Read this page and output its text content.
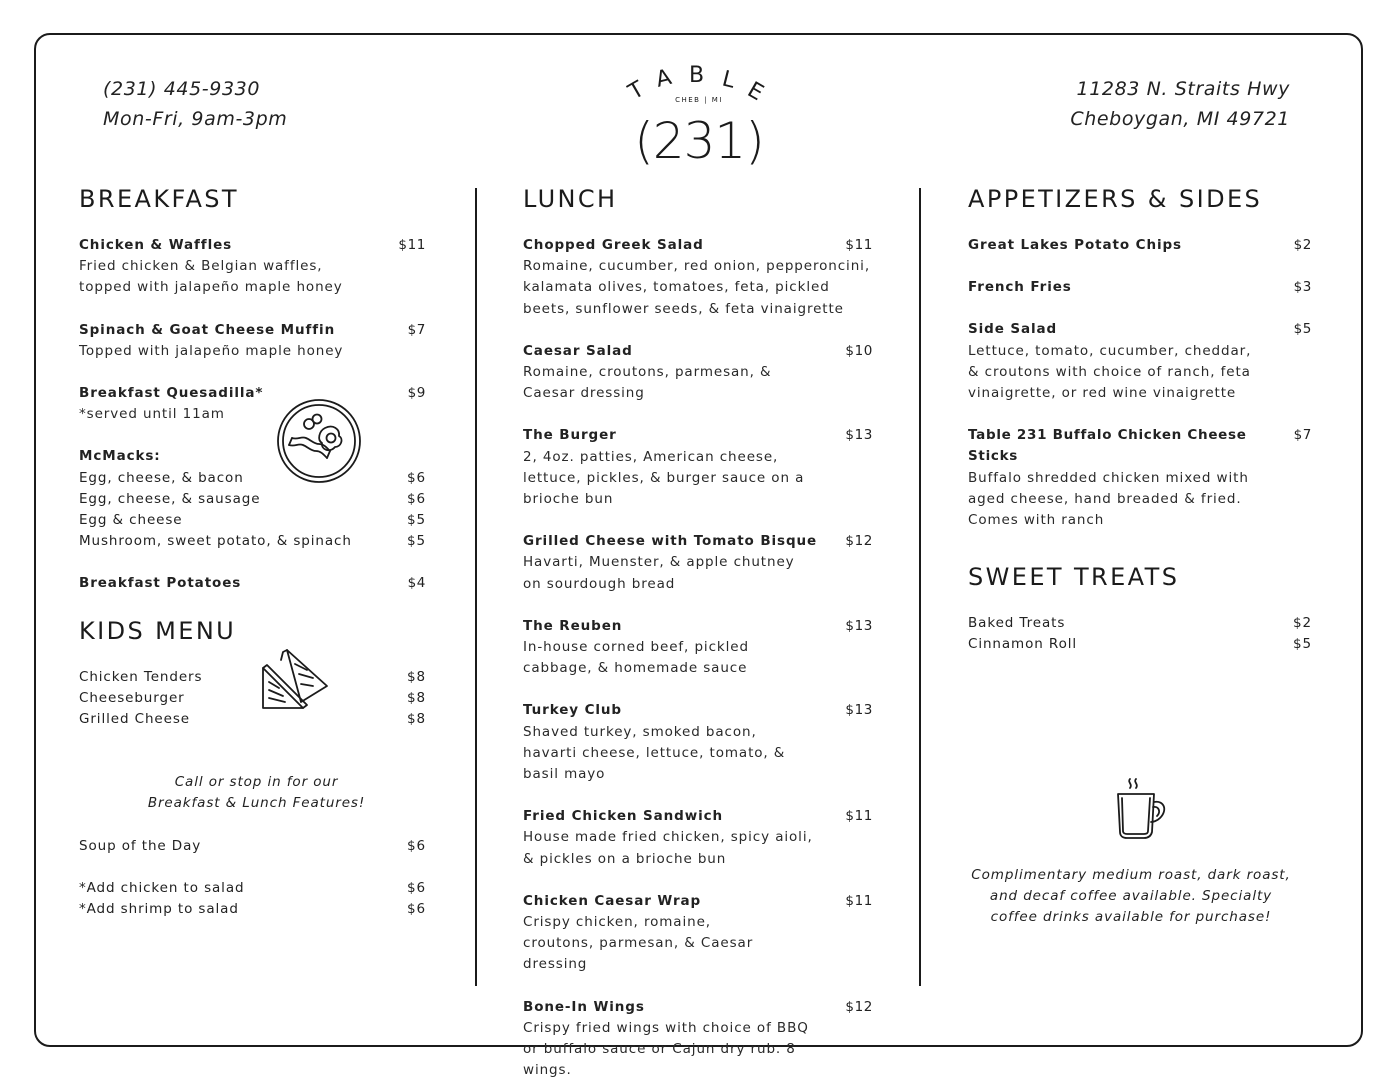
(231) 445-9330
Mon-Fri, 9am-3pm
T A B L E
CHEB | MI
(231)
11283 N. Straits Hwy
Cheboygan, MI 49721
BREAKFAST
Chicken & Waffles	$11
Fried chicken & Belgian waffles, topped with jalapeño maple honey
Spinach & Goat Cheese Muffin	$7
Topped with jalapeño maple honey
Breakfast Quesadilla*	$9
*served until 11am
McMacks:
Egg, cheese, & bacon	$6
Egg, cheese, & sausage	$6
Egg & cheese	$5
Mushroom, sweet potato, & spinach	$5
Breakfast Potatoes	$4
KIDS MENU
Chicken Tenders	$8
Cheeseburger	$8
Grilled Cheese	$8
Call or stop in for our
Breakfast & Lunch Features!
Soup of the Day	$6
*Add chicken to salad	$6
*Add shrimp to salad	$6
LUNCH
Chopped Greek Salad	$11
Romaine, cucumber, red onion, pepperoncini, kalamata olives, tomatoes, feta, pickled beets, sunflower seeds, & feta vinaigrette
Caesar Salad	$10
Romaine, croutons, parmesan, & Caesar dressing
The Burger	$13
2, 4oz. patties, American cheese, lettuce, pickles, & burger sauce on a brioche bun
Grilled Cheese with Tomato Bisque	$12
Havarti, Muenster, & apple chutney on sourdough bread
The Reuben	$13
In-house corned beef, pickled cabbage, & homemade sauce
Turkey Club	$13
Shaved turkey, smoked bacon, havarti cheese, lettuce, tomato, & basil mayo
Fried Chicken Sandwich	$11
House made fried chicken, spicy aioli, & pickles on a brioche bun
Chicken Caesar Wrap	$11
Crispy chicken, romaine, croutons, parmesan, & Caesar dressing
Bone-In Wings	$12
Crispy fried wings with choice of BBQ or buffalo sauce or Cajun dry rub. 8 wings.
APPETIZERS & SIDES
Great Lakes Potato Chips	$2
French Fries	$3
Side Salad	$5
Lettuce, tomato, cucumber, cheddar, & croutons with choice of ranch, feta vinaigrette, or red wine vinaigrette
Table 231 Buffalo Chicken Cheese Sticks
$7
Buffalo shredded chicken mixed with aged cheese, hand breaded & fried. Comes with ranch
SWEET TREATS
Baked Treats	$2
Cinnamon Roll	$5
Complimentary medium roast, dark roast,
and decaf coffee available. Specialty
coffee drinks available for purchase!
